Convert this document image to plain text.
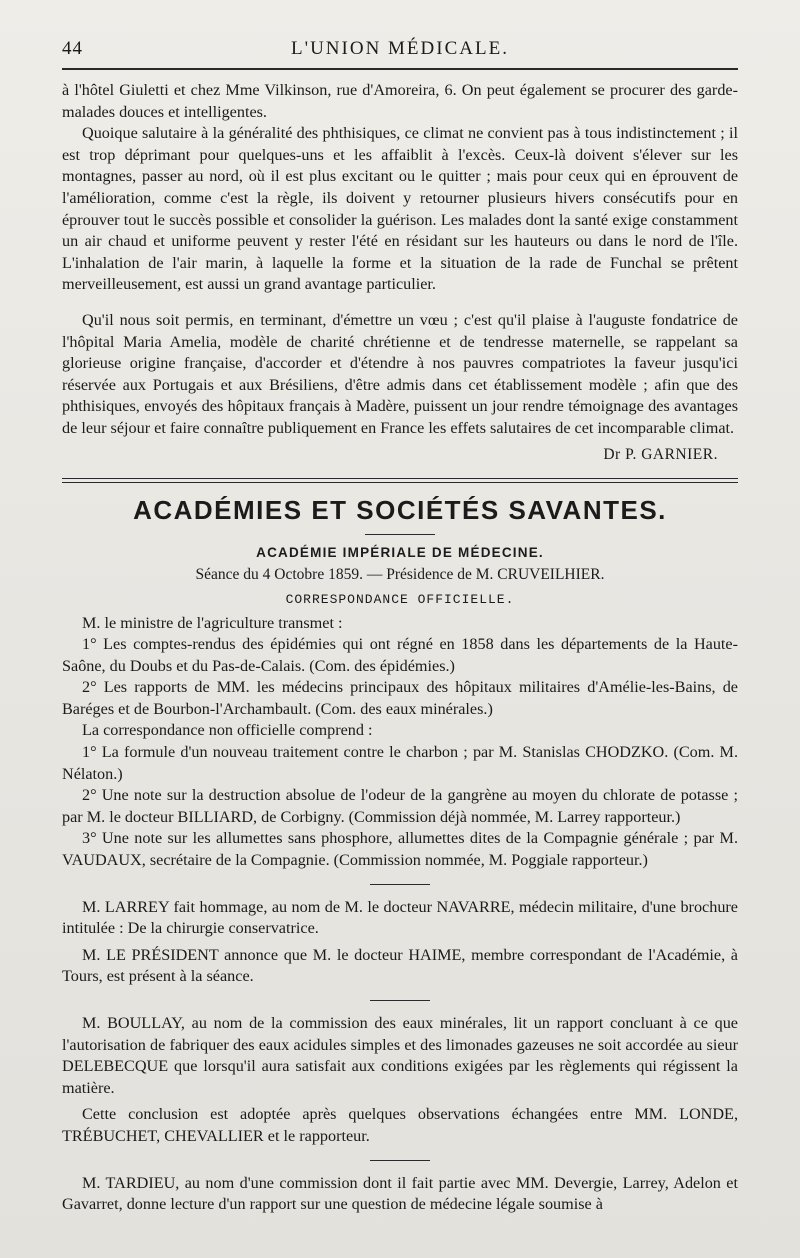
44	L'UNION MÉDICALE.

à l'hôtel Giuletti et chez Mme Vilkinson, rue d'Amoreira, 6. On peut également se procurer des garde-malades douces et intelligentes.

Quoique salutaire à la généralité des phthisiques, ce climat ne convient pas à tous indistinctement ; il est trop déprimant pour quelques-uns et les affaiblit à l'excès. Ceux-là doivent s'élever sur les montagnes, passer au nord, où il est plus excitant ou le quitter ; mais pour ceux qui en éprouvent de l'amélioration, comme c'est la règle, ils doivent y retourner plusieurs hivers consécutifs pour en éprouver tout le succès possible et consolider la guérison. Les malades dont la santé exige constamment un air chaud et uniforme peuvent y rester l'été en résidant sur les hauteurs ou dans le nord de l'île. L'inhalation de l'air marin, à laquelle la forme et la situation de la rade de Funchal se prêtent merveilleusement, est aussi un grand avantage particulier.

Qu'il nous soit permis, en terminant, d'émettre un vœu ; c'est qu'il plaise à l'auguste fondatrice de l'hôpital Maria Amelia, modèle de charité chrétienne et de tendresse maternelle, se rappelant sa glorieuse origine française, d'accorder et d'étendre à nos pauvres compatriotes la faveur jusqu'ici réservée aux Portugais et aux Brésiliens, d'être admis dans cet établissement modèle ; afin que des phthisiques, envoyés des hôpitaux français à Madère, puissent un jour rendre témoignage des avantages de leur séjour et faire connaître publiquement en France les effets salutaires de cet incomparable climat.

Dr P. GARNIER.
ACADÉMIES ET SOCIÉTÉS SAVANTES.
ACADÉMIE IMPÉRIALE DE MÉDECINE.
Séance du 4 Octobre 1859. — Présidence de M. CRUVEILHIER.
CORRESPONDANCE OFFICIELLE.

M. le ministre de l'agriculture transmet :

1° Les comptes-rendus des épidémies qui ont régné en 1858 dans les départements de la Haute-Saône, du Doubs et du Pas-de-Calais. (Com. des épidémies.)

2° Les rapports de MM. les médecins principaux des hôpitaux militaires d'Amélie-les-Bains, de Baréges et de Bourbon-l'Archambault. (Com. des eaux minérales.)

La correspondance non officielle comprend :

1° La formule d'un nouveau traitement contre le charbon ; par M. Stanislas CHODZKO. (Com. M. Nélaton.)

2° Une note sur la destruction absolue de l'odeur de la gangrène au moyen du chlorate de potasse ; par M. le docteur BILLIARD, de Corbigny. (Commission déjà nommée, M. Larrey rapporteur.)

3° Une note sur les allumettes sans phosphore, allumettes dites de la Compagnie générale ; par M. VAUDAUX, secrétaire de la Compagnie. (Commission nommée, M. Poggiale rapporteur.)

M. LARREY fait hommage, au nom de M. le docteur NAVARRE, médecin militaire, d'une brochure intitulée : De la chirurgie conservatrice.

M. LE PRÉSIDENT annonce que M. le docteur HAIME, membre correspondant de l'Académie, à Tours, est présent à la séance.

M. BOULLAY, au nom de la commission des eaux minérales, lit un rapport concluant à ce que l'autorisation de fabriquer des eaux acidules simples et des limonades gazeuses ne soit accordée au sieur DELEBECQUE que lorsqu'il aura satisfait aux conditions exigées par les règlements qui régissent la matière.

Cette conclusion est adoptée après quelques observations échangées entre MM. LONDE, TRÉBUCHET, CHEVALLIER et le rapporteur.

M. TARDIEU, au nom d'une commission dont il fait partie avec MM. Devergie, Larrey, Adelon et Gavarret, donne lecture d'un rapport sur une question de médecine légale soumise à
